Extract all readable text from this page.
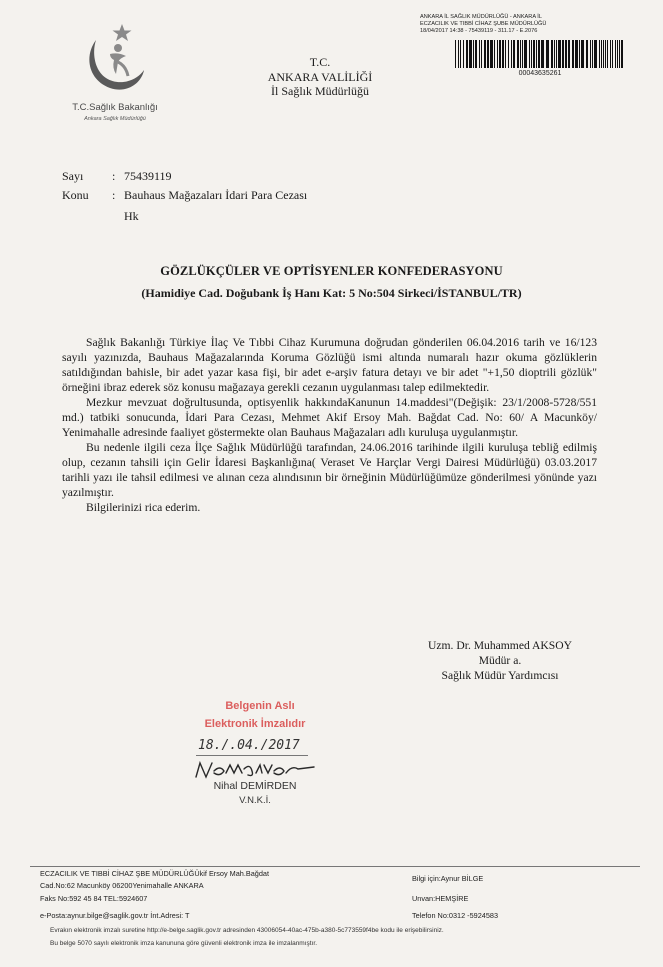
T.C.Sağlık Bakanlığı
Ankara Sağlık Müdürlüğü
T.C.
ANKARA VALİLİĞİ
İl Sağlık Müdürlüğü
ANKARA İL SAĞLIK MÜDÜRLÜĞÜ - ANKARA İL
ECZACILIK VE TIBBİ CİHAZ ŞUBE MÜDÜRLÜĞÜ
18/04/2017 14:38 - 75439119 - 311.17 - E.2076
00043635261
Sayı : 75439119
Konu : Bauhaus Mağazaları İdari Para Cezası
Hk
GÖZLÜKÇÜLER VE OPTİSYENLER KONFEDERASYONU
(Hamidiye Cad. Doğubank İş Hanı Kat: 5 No:504 Sirkeci/İSTANBUL/TR)

Sağlık Bakanlığı Türkiye İlaç Ve Tıbbi Cihaz Kurumuna doğrudan gönderilen 06.04.2016 tarih ve 16/123 sayılı yazınızda, Bauhaus Mağazalarında Koruma Gözlüğü ismi altında numaralı hazır okuma gözlüklerin satıldığından bahisle, bir adet yazar kasa fişi, bir adet e-arşiv fatura detayı ve bir adet "+1,50 dioptrili gözlük" örneğini ibraz ederek söz konusu mağazaya gerekli cezanın uygulanması talep edilmektedir.

Mezkur mevzuat doğrultusunda, optisyenlik hakkındaKanunun 14.maddesi"(Değişik: 23/1/2008-5728/551 md.) tatbiki sonucunda, İdari Para Cezası, Mehmet Akif Ersoy Mah. Bağdat Cad. No: 60/ A Macunköy/ Yenimahalle adresinde faaliyet göstermekte olan Bauhaus Mağazaları adlı kuruluşa uygulanmıştır.

Bu nedenle ilgili ceza İlçe Sağlık Müdürlüğü tarafından, 24.06.2016 tarihinde ilgili kuruluşa tebliğ edilmiş olup, cezanın tahsili için Gelir İdaresi Başkanlığına( Veraset Ve Harçlar Vergi Dairesi Müdürlüğü) 03.03.2017 tarihli yazı ile tahsil edilmesi ve alınan ceza alındısının bir örneğinin Müdürlüğümüze gönderilmesi yönünde yazı yazılmıştır.

Bilgilerinizi rica ederim.

Uzm. Dr. Muhammed AKSOY
Müdür a.
Sağlık Müdür Yardımcısı
Belgenin Aslı
Elektronik İmzalıdır
18./.04./2017
Nihal DEMİRDEN
V.N.K.İ.
ECZACILIK VE TIBBİ CİHAZ ŞBE MÜDÜRLÜĞÜkif Ersoy Mah.Bağdat
Cad.No:62 Macunköy 06200Yenimahalle ANKARA
Faks No:592 45 84 TEL:5924607
e-Posta:aynur.bilge@saglik.gov.tr İnt.Adresi: T
Bilgi için:Aynur BİLGE
Unvan:HEMŞİRE
Telefon No:0312 -5924583
Evrakın elektronik imzalı suretine http://e-belge.saglik.gov.tr adresinden 43006054-40ac-475b-a380-5c773559f4be kodu ile erişebilirsiniz.
Bu belge 5070 sayılı elektronik imza kanununa göre güvenli elektronik imza ile imzalanmıştır.
